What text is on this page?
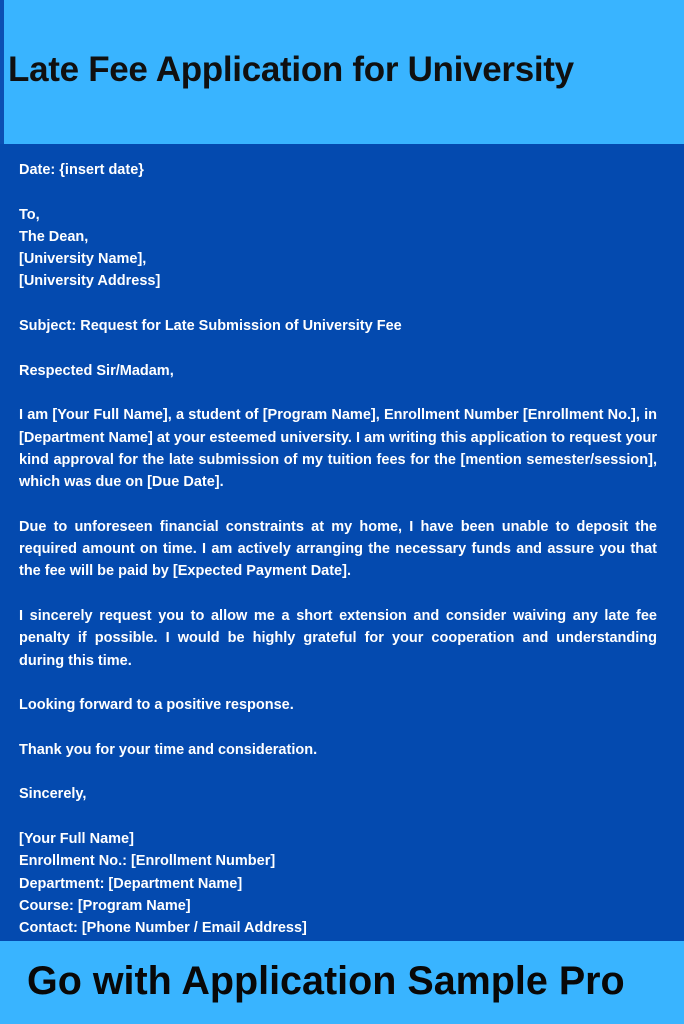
Late Fee Application for University

Date: {insert date}

To,
The Dean,
[University Name],
[University Address]

Subject: Request for Late Submission of University Fee

Respected Sir/Madam,

I am [Your Full Name], a student of [Program Name], Enrollment Number [Enrollment No.], in [Department Name] at your esteemed university. I am writing this application to request your kind approval for the late submission of my tuition fees for the [mention semester/session], which was due on [Due Date].

Due to unforeseen financial constraints at my home, I have been unable to deposit the required amount on time. I am actively arranging the necessary funds and assure you that the fee will be paid by [Expected Payment Date].

I sincerely request you to allow me a short extension and consider waiving any late fee penalty if possible. I would be highly grateful for your cooperation and understanding during this time.

Looking forward to a positive response.

Thank you for your time and consideration.

Sincerely,

[Your Full Name]
Enrollment No.: [Enrollment Number]
Department: [Department Name]
Course: [Program Name]
Contact: [Phone Number / Email Address]

Go with Application Sample Pro
